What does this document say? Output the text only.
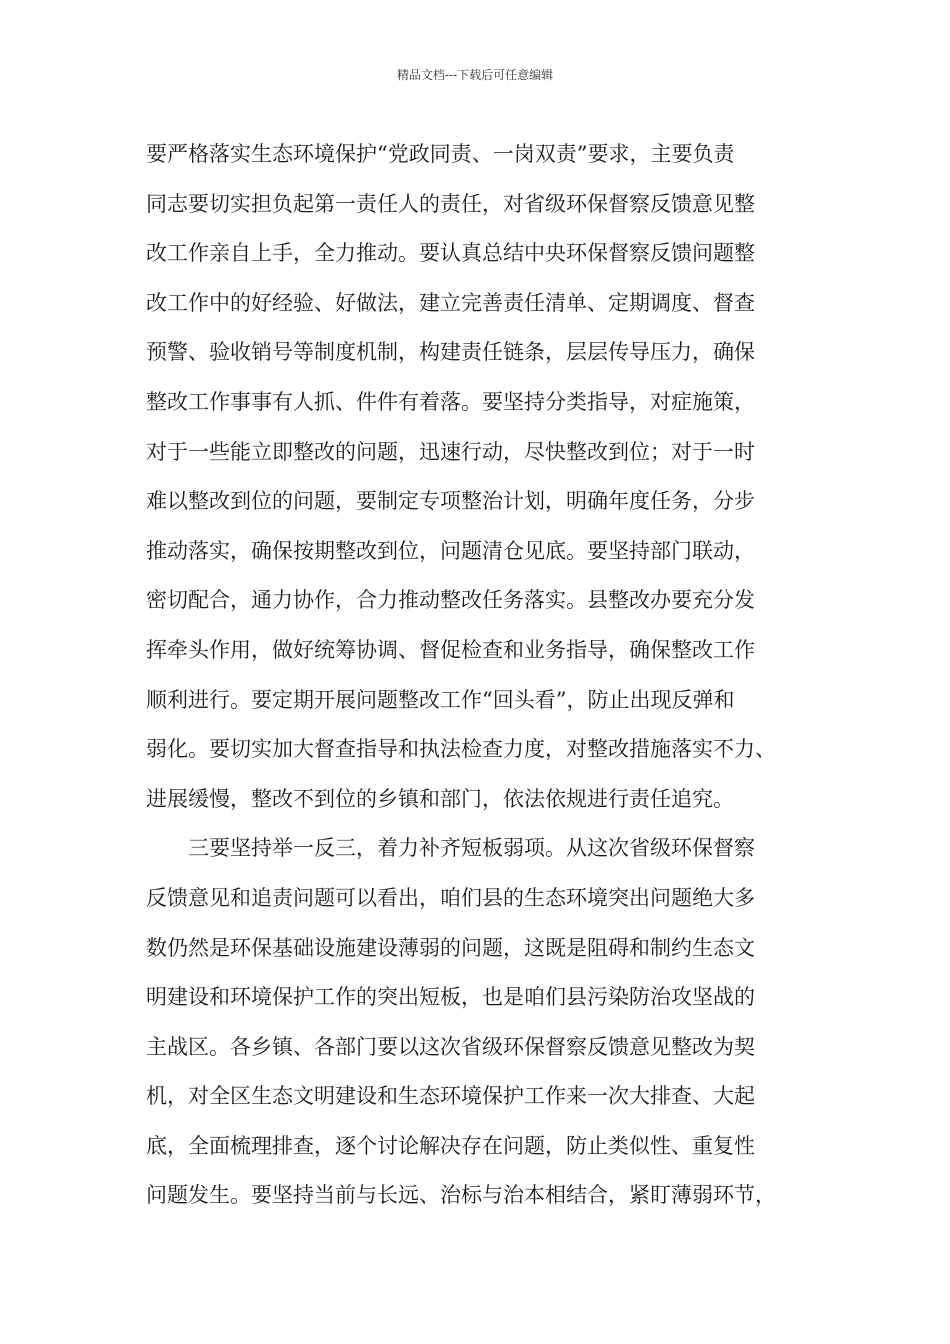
精品文档---下载后可任意编辑
要严格落实生态环境保护“党政同责、一岗双责”要求，主要负责
同志要切实担负起第一责任人的责任，对省级环保督察反馈意见整
改工作亲自上手，全力推动。要认真总结中央环保督察反馈问题整
改工作中的好经验、好做法，建立完善责任清单、定期调度、督查
预警、验收销号等制度机制，构建责任链条，层层传导压力，确保
整改工作事事有人抓、件件有着落。要坚持分类指导，对症施策，
对于一些能立即整改的问题，迅速行动，尽快整改到位；对于一时
难以整改到位的问题，要制定专项整治计划，明确年度任务，分步
推动落实，确保按期整改到位，问题清仓见底。要坚持部门联动，
密切配合，通力协作，合力推动整改任务落实。县整改办要充分发
挥牵头作用，做好统筹协调、督促检查和业务指导，确保整改工作
顺利进行。要定期开展问题整改工作“回头看”，防止出现反弹和
弱化。要切实加大督查指导和执法检查力度，对整改措施落实不力、
进展缓慢，整改不到位的乡镇和部门，依法依规进行责任追究。
　　三要坚持举一反三，着力补齐短板弱项。从这次省级环保督察
反馈意见和追责问题可以看出，咱们县的生态环境突出问题绝大多
数仍然是环保基础设施建设薄弱的问题，这既是阻碍和制约生态文
明建设和环境保护工作的突出短板，也是咱们县污染防治攻坚战的
主战区。各乡镇、各部门要以这次省级环保督察反馈意见整改为契
机，对全区生态文明建设和生态环境保护工作来一次大排查、大起
底，全面梳理排查，逐个讨论解决存在问题，防止类似性、重复性
问题发生。要坚持当前与长远、治标与治本相结合，紧盯薄弱环节，
